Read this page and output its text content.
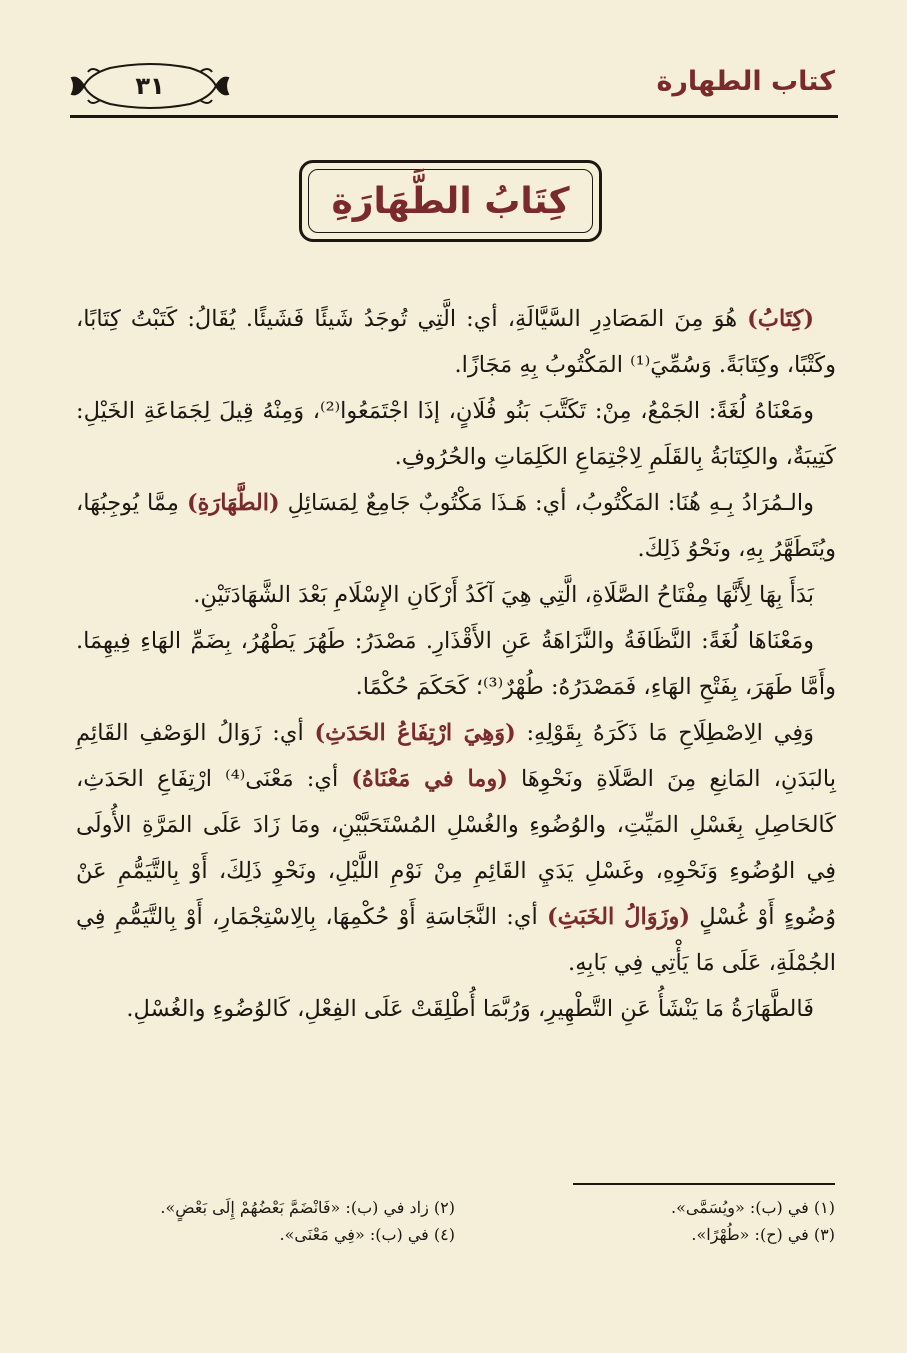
كتاب الطهارة
٣١
كِتَابُ الطَّهَارَةِ

(كِتَابُ) هُوَ مِنَ المَصَادِرِ السَّيَّالَةِ، أي: الَّتِي تُوجَدُ شَيئًا فَشَيئًا. يُقَالُ: كَتَبْتُ كِتَابًا، وكَتْبًا، وكِتَابَةً. وَسُمِّيَ⁽¹⁾ المَكْتُوبُ بِهِ مَجَازًا.

ومَعْنَاهُ لُغَةً: الجَمْعُ، مِنْ: تَكَتَّبَ بَنُو فُلَانٍ، إذَا اجْتَمَعُوا⁽²⁾، وَمِنْهُ قِيلَ لِجَمَاعَةِ الخَيْلِ: كَتِيبَةٌ، والكِتَابَةُ بِالقَلَمِ لِاجْتِمَاعِ الكَلِمَاتِ والحُرُوفِ.

والـمُرَادُ بِـهِ هُنَا: المَكْتُوبُ، أي: هَـذَا مَكْتُوبٌ جَامِعٌ لِمَسَائِلِ (الطَّهَارَةِ) مِمَّا يُوجِبُهَا، ويُتَطَهَّرُ بِهِ، ونَحْوُ ذَلِكَ.

بَدَأَ بِهَا لِأَنَّهَا مِفْتَاحُ الصَّلَاةِ، الَّتِي هِيَ آكَدُ أَرْكَانِ الإِسْلَامِ بَعْدَ الشَّهَادَتَيْنِ.

ومَعْنَاهَا لُغَةً: النَّظَافَةُ والنَّزَاهَةُ عَنِ الأَقْذَارِ. مَصْدَرُ: طَهُرَ يَطْهُرُ، بِضَمِّ الهَاءِ فِيهِمَا. وأَمَّا طَهَرَ، بِفَتْحِ الهَاءِ، فَمَصْدَرُهُ: طُهْرٌ⁽³⁾؛ كَحَكَمَ حُكْمًا.

وَفِي الِاصْطِلَاحِ مَا ذَكَرَهُ بِقَوْلِهِ: (وَهِيَ ارْتِفَاعُ الحَدَثِ) أي: زَوَالُ الوَصْفِ القَائِمِ بِالبَدَنِ، المَانِعِ مِنَ الصَّلَاةِ ونَحْوِهَا (وما في مَعْنَاهُ) أي: مَعْنَى⁽⁴⁾ ارْتِفَاعِ الحَدَثِ، كَالحَاصِلِ بِغَسْلِ المَيِّتِ، والوُضُوءِ والغُسْلِ المُسْتَحَبَّيْنِ، ومَا زَادَ عَلَى المَرَّةِ الأُولَى فِي الوُضُوءِ وَنَحْوِهِ، وغَسْلِ يَدَيِ القَائِمِ مِنْ نَوْمِ اللَّيْلِ، ونَحْوِ ذَلِكَ، أَوْ بِالتَّيَمُّمِ عَنْ وُضُوءٍ أَوْ غُسْلٍ (وزَوَالُ الخَبَثِ) أي: النَّجَاسَةِ أَوْ حُكْمِهَا، بِالِاسْتِجْمَارِ، أَوْ بِالتَّيَمُّمِ فِي الجُمْلَةِ، عَلَى مَا يَأْتِي فِي بَابِهِ.

فَالطَّهَارَةُ مَا يَنْشَأُ عَنِ التَّطْهِيرِ، وَرُبَّمَا أُطْلِقَتْ عَلَى الفِعْلِ، كَالوُضُوءِ والغُسْلِ.

(١) في (ب): «ويُسَمَّى».
(٢) زاد في (ب): «فَانْضَمَّ بَعْضُهُمْ إِلَى بَعْضٍ».
(٣) في (ح): «طُهْرًا».
(٤) في (ب): «فِي مَعْنَى».
